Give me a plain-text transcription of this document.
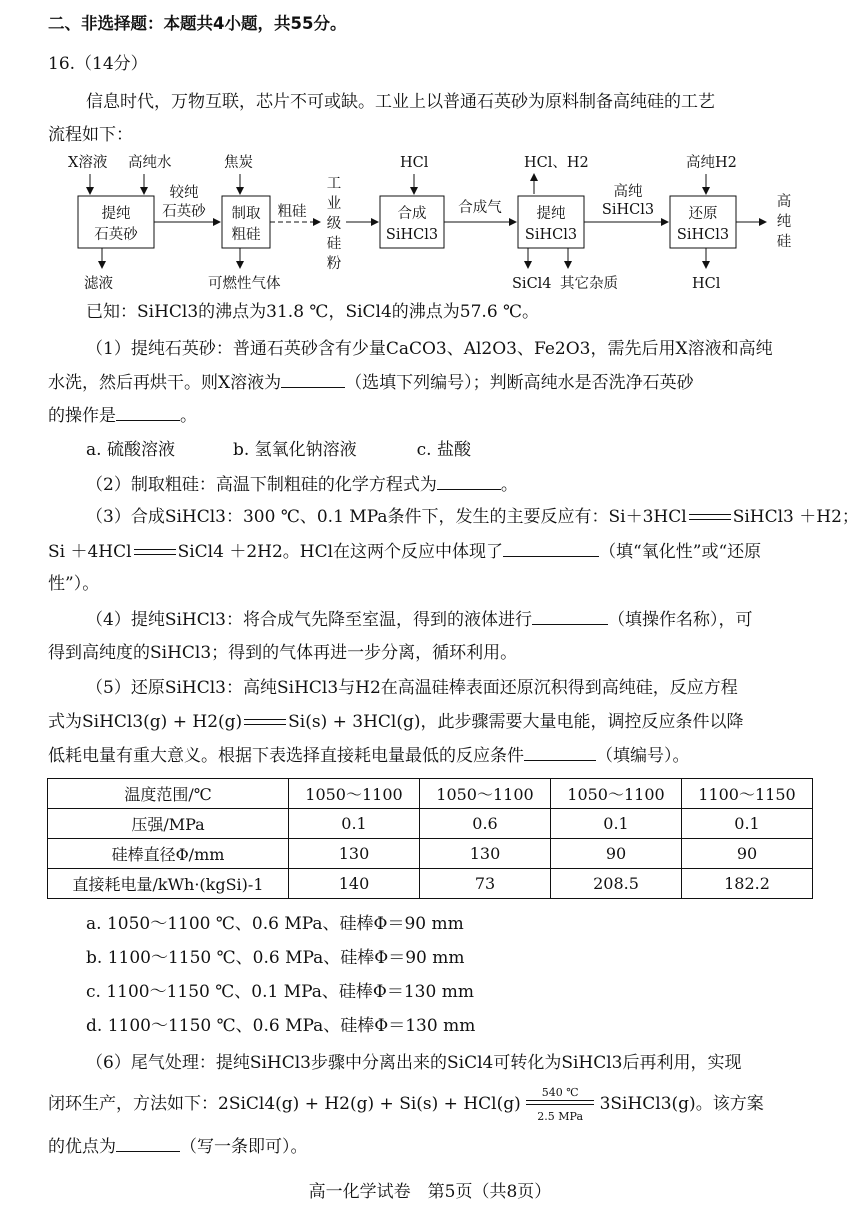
二、非选择题：本题共4小题，共55分。
16.（14分）
信息时代，万物互联，芯片不可或缺。工业上以普通石英砂为原料制备高纯硅的工艺
流程如下：
X溶液 高纯水
提纯
石英砂
滤液
较纯
石英砂
焦炭
制取
粗硅
可燃性气体
粗硅
工
业
级
硅
粉
HCl
合成
SiHCl3
合成气
HCl、H2
提纯
SiHCl3
SiCl4 其它杂质
高纯
SiHCl3
高纯H2
还原
SiHCl3
HCl
高
纯
硅
已知：SiHCl3的沸点为31.8 ℃，SiCl4的沸点为57.6 ℃。
（1）提纯石英砂：普通石英砂含有少量CaCO3、Al2O3、Fe2O3，需先后用X溶液和高纯
水洗，然后再烘干。则X溶液为	（选填下列编号）；判断高纯水是否洗净石英砂
的操作是	。
a. 硫酸溶液	b. 氢氧化钠溶液	c. 盐酸
（2）制取粗硅：高温下制粗硅的化学方程式为	。
（3）合成SiHCl3：300 ℃、0.1 MPa条件下，发生的主要反应有：Si＋3HCl	SiHCl3 ＋H2；
Si ＋4HCl	SiCl4 ＋2H2。HCl在这两个反应中体现了	（填“氧化性”或“还原
性”）。
（4）提纯SiHCl3：将合成气先降至室温，得到的液体进行	（填操作名称），可
得到高纯度的SiHCl3；得到的气体再进一步分离，循环利用。
（5）还原SiHCl3：高纯SiHCl3与H2在高温硅棒表面还原沉积得到高纯硅，反应方程
式为SiHCl3(g) + H2(g)	Si(s) + 3HCl(g)，此步骤需要大量电能，调控反应条件以降
低耗电量有重大意义。根据下表选择直接耗电量最低的反应条件	（填编号）。
温度范围/℃	1050～1100	1050～1100	1050～1100	1100～1150
压强/MPa	0.1	0.6	0.1	0.1
硅棒直径Φ/mm	130	130	90	90
直接耗电量/kWh·(kgSi)-1	140	73	208.5	182.2
a. 1050～1100 ℃、0.6 MPa、硅棒Φ＝90 mm
b. 1100～1150 ℃、0.6 MPa、硅棒Φ＝90 mm
c. 1100～1150 ℃、0.1 MPa、硅棒Φ＝130 mm
d. 1100～1150 ℃、0.6 MPa、硅棒Φ＝130 mm
（6）尾气处理：提纯SiHCl3步骤中分离出来的SiCl4可转化为SiHCl3后再利用，实现
闭环生产，方法如下：2SiCl4(g) + $H2(g) + Si(s) + HCl(g) \frac{540 ℃}{\text{2.5 MPa}}$ 3SiHCl3(g)。该方案
的优点为	（写一条即可）。
高一化学试卷　第5页（共8页）
